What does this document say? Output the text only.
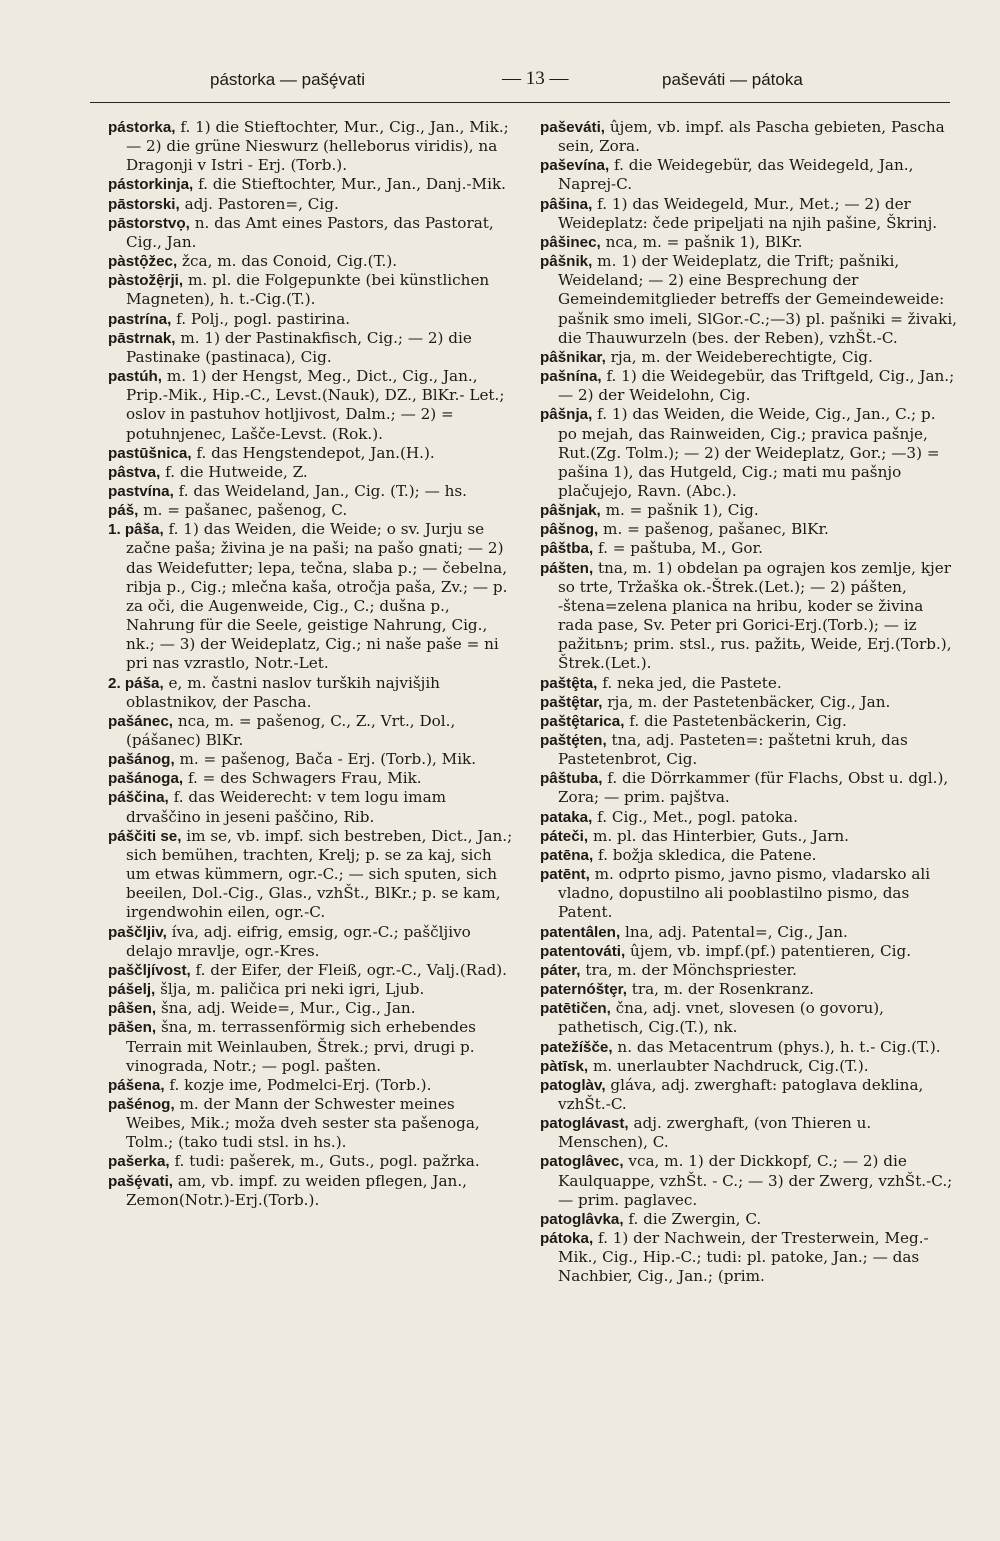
pástorka — pašȩ́vati	— 13 —	paševáti — pátoka

pástorka, f. 1) die Stieftochter, Mur., Cig., Jan., Mik.; — 2) die grüne Nieswurz (helleborus viridis), na Dragonji v Istri - Erj. (Torb.).

pástorkinja, f. die Stieftochter, Mur., Jan., Danj.-Mik.

pāstorski, adj. Pastoren=, Cig.

pāstorstvọ, n. das Amt eines Pastors, das Pastorat, Cig., Jan.

pàstọ̑žec, žca, m. das Conoid, Cig.(T.).

pàstožẹ̑rji, m. pl. die Folgepunkte (bei künstlichen Magneten), h. t.-Cig.(T.).

pastrína, f. Polj., pogl. pastirina.

pāstrnak, m. 1) der Pastinakfisch, Cig.; — 2) die Pastinake (pastinaca), Cig.

pastúh, m. 1) der Hengst, Meg., Dict., Cig., Jan., Prip.-Mik., Hip.-C., Levst.(Nauk), DZ., BlKr.- Let.; oslov in pastuhov hotljivost, Dalm.; — 2) = potuhnjenec, Lašče-Levst. (Rok.).

pastūšnica, f. das Hengstendepot, Jan.(H.).

pâstva, f. die Hutweide, Z.

pastvína, f. das Weideland, Jan., Cig. (T.); — hs.

páš, m. = pašanec, pašenog, C.

1. pâša, f. 1) das Weiden, die Weide; o sv. Jurju se začne paša; živina je na paši; na pašo gnati; — 2) das Weidefutter; lepa, tečna, slaba p.; — čebelna, ribja p., Cig.; mlečna kaša, otročja paša, Zv.; — p. za oči, die Augenweide, Cig., C.; dušna p., Nahrung für die Seele, geistige Nahrung, Cig., nk.; — 3) der Weideplatz, Cig.; ni naše paše = ni pri nas vzrastlo, Notr.-Let.

2. páša, e, m. častni naslov turških najvišjih oblastnikov, der Pascha.

pašánec, nca, m. = pašenog, C., Z., Vrt., Dol., (pášanec) BlKr.

pašánog, m. = pašenog, Bača - Erj. (Torb.), Mik.

pašánoga, f. = des Schwagers Frau, Mik.

páščina, f. das Weiderecht: v tem logu imam drvaščino in jeseni paščino, Rib.

páščiti se, im se, vb. impf. sich bestreben, Dict., Jan.; sich bemühen, trachten, Krelj; p. se za kaj, sich um etwas kümmern, ogr.-C.; — sich sputen, sich beeilen, Dol.-Cig., Glas., vzhŠt., BlKr.; p. se kam, irgendwohin eilen, ogr.-C.

paščljiv, íva, adj. eifrig, emsig, ogr.-C.; paščljivo delajo mravlje, ogr.-Kres.

paščljívost, f. der Eifer, der Fleiß, ogr.-C., Valj.(Rad).

pášelj, šlja, m. paličica pri neki igri, Ljub.

pâšen, šna, adj. Weide=, Mur., Cig., Jan.

pāšen, šna, m. terrassenförmig sich erhebendes Terrain mit Weinlauben, Štrek.; prvi, drugi p. vinograda, Notr.; — pogl. pašten.

pášena, f. kozje ime, Podmelci-Erj. (Torb.).

pašénog, m. der Mann der Schwester meines Weibes, Mik.; moža dveh sester sta pašenoga, Tolm.; (tako tudi stsl. in hs.).

pašerka, f. tudi: pašerek, m., Guts., pogl. pažrka.

pašȩ́vati, am, vb. impf. zu weiden pflegen, Jan., Zemon(Notr.)-Erj.(Torb.).

paševáti, ûjem, vb. impf. als Pascha gebieten, Pascha sein, Zora.

paševína, f. die Weidegebür, das Weidegeld, Jan., Naprej-C.

pâšina, f. 1) das Weidegeld, Mur., Met.; — 2) der Weideplatz: čede pripeljati na njih pašine, Škrinj.

pâšinec, nca, m. = pašnik 1), BlKr.

pâšnik, m. 1) der Weideplatz, die Trift; pašniki, Weideland; — 2) eine Besprechung der Gemeindemitglieder betreffs der Gemeindeweide: pašnik smo imeli, SlGor.-C.;—3) pl. pašniki = živaki, die Thauwurzeln (bes. der Reben), vzhŠt.-C.

pâšnikar, rja, m. der Weideberechtigte, Cig.

pašnína, f. 1) die Weidegebür, das Triftgeld, Cig., Jan.; — 2) der Weidelohn, Cig.

pâšnja, f. 1) das Weiden, die Weide, Cig., Jan., C.; p. po mejah, das Rainweiden, Cig.; pravica pašnje, Rut.(Zg. Tolm.); — 2) der Weideplatz, Gor.; —3) = pašina 1), das Hutgeld, Cig.; mati mu pašnjo plačujejo, Ravn. (Abc.).

pâšnjak, m. = pašnik 1), Cig.

pâšnog, m. = pašenog, pašanec, BlKr.

pâštba, f. = paštuba, M., Gor.

pášten, tna, m. 1) obdelan pa ograjen kos zemlje, kjer so trte, Tržaška ok.-Štrek.(Let.); — 2) pášten, -štena=zelena planica na hribu, koder se živina rada pase, Sv. Peter pri Gorici-Erj.(Torb.); — iz pažitьnъ; prim. stsl., rus. pažitь, Weide, Erj.(Torb.), Štrek.(Let.).

paštȩ̑ta, f. neka jed, die Pastete.

paštȩ̑tar, rja, m. der Pastetenbäcker, Cig., Jan.

paštȩ̑tarica, f. die Pastetenbäckerin, Cig.

paštȩ́ten, tna, adj. Pasteten=: paštetni kruh, das Pastetenbrot, Cig.

pâštuba, f. die Dörrkammer (für Flachs, Obst u. dgl.), Zora; — prim. pajštva.

pataka, f. Cig., Met., pogl. patoka.

páteči, m. pl. das Hinterbier, Guts., Jarn.

patēna, f. božja skledica, die Patene.

patēnt, m. odprto pismo, javno pismo, vladarsko ali vladno, dopustilno ali pooblastilno pismo, das Patent.

patentâlen, lna, adj. Patental=, Cig., Jan.

patentováti, ûjem, vb. impf.(pf.) patentieren, Cig.

páter, tra, m. der Mönchspriester.

paternóštȩr, tra, m. der Rosenkranz.

patētičen, čna, adj. vnet, slovesen (o govoru), pathetisch, Cig.(T.), nk.

patežíšče, n. das Metacentrum (phys.), h. t.- Cig.(T.).

pàtīsk, m. unerlaubter Nachdruck, Cig.(T.).

patoglàv, gláva, adj. zwerghaft: patoglava deklina, vzhŠt.-C.

patoglávast, adj. zwerghaft, (von Thieren u. Menschen), C.

patoglâvec, vca, m. 1) der Dickkopf, C.; — 2) die Kaulquappe, vzhŠt. - C.; — 3) der Zwerg, vzhŠt.-C.; — prim. paglavec.

patoglâvka, f. die Zwergin, C.

pátoka, f. 1) der Nachwein, der Tresterwein, Meg.-Mik., Cig., Hip.-C.; tudi: pl. patoke, Jan.; — das Nachbier, Cig., Jan.; (prim.
